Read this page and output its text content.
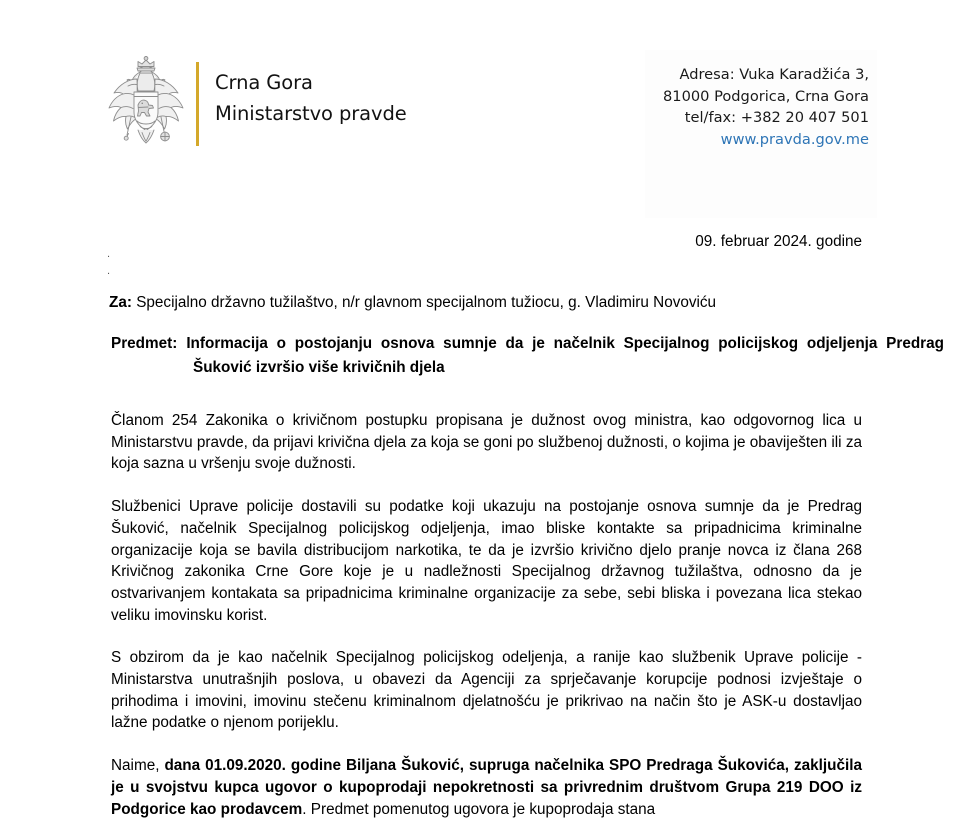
Crna Gora
Ministarstvo pravde
Adresa: Vuka Karadžića 3,
81000 Podgorica, Crna Gora
tel/fax: +382 20 407 501
www.pravda.gov.me
09. februar 2024. godine
.
.
Za: Specijalno državno tužilaštvo, n/r glavnom specijalnom tužiocu, g. Vladimiru Novoviću
Predmet: Informacija o postojanju osnova sumnje da je načelnik Specijalnog policijskog odjeljenja Predrag Šuković izvršio više krivičnih djela

Članom 254 Zakonika o krivičnom postupku propisana je dužnost ovog ministra, kao odgovornog lica u Ministarstvu pravde, da prijavi krivična djela za koja se goni po službenoj dužnosti, o kojima je obaviješten ili za koja sazna u vršenju svoje dužnosti.

Službenici Uprave policije dostavili su podatke koji ukazuju na postojanje osnova sumnje da je Predrag Šuković, načelnik Specijalnog policijskog odjeljenja, imao bliske kontakte sa pripadnicima kriminalne organizacije koja se bavila distribucijom narkotika, te da je izvršio krivično djelo pranje novca iz člana 268 Krivičnog zakonika Crne Gore koje je u nadležnosti Specijalnog državnog tužilaštva, odnosno da je ostvarivanjem kontakata sa pripadnicima kriminalne organizacije za sebe, sebi bliska i povezana lica stekao veliku imovinsku korist.

S obzirom da je kao načelnik Specijalnog policijskog odeljenja, a ranije kao službenik Uprave policije - Ministarstva unutrašnjih poslova, u obavezi da Agenciji za sprječavanje korupcije podnosi izvještaje o prihodima i imovini, imovinu stečenu kriminalnom djelatnošću je prikrivao na način što je ASK-u dostavljao lažne podatke o njenom porijeklu.

Naime, dana 01.09.2020. godine Biljana Šuković, supruga načelnika SPO Predraga Šukovića, zaključila je u svojstvu kupca ugovor o kupoprodaji nepokretnosti sa privrednim društvom Grupa 219 DOO iz Podgorice kao prodavcem. Predmet pomenutog ugovora je kupoprodaja stana
